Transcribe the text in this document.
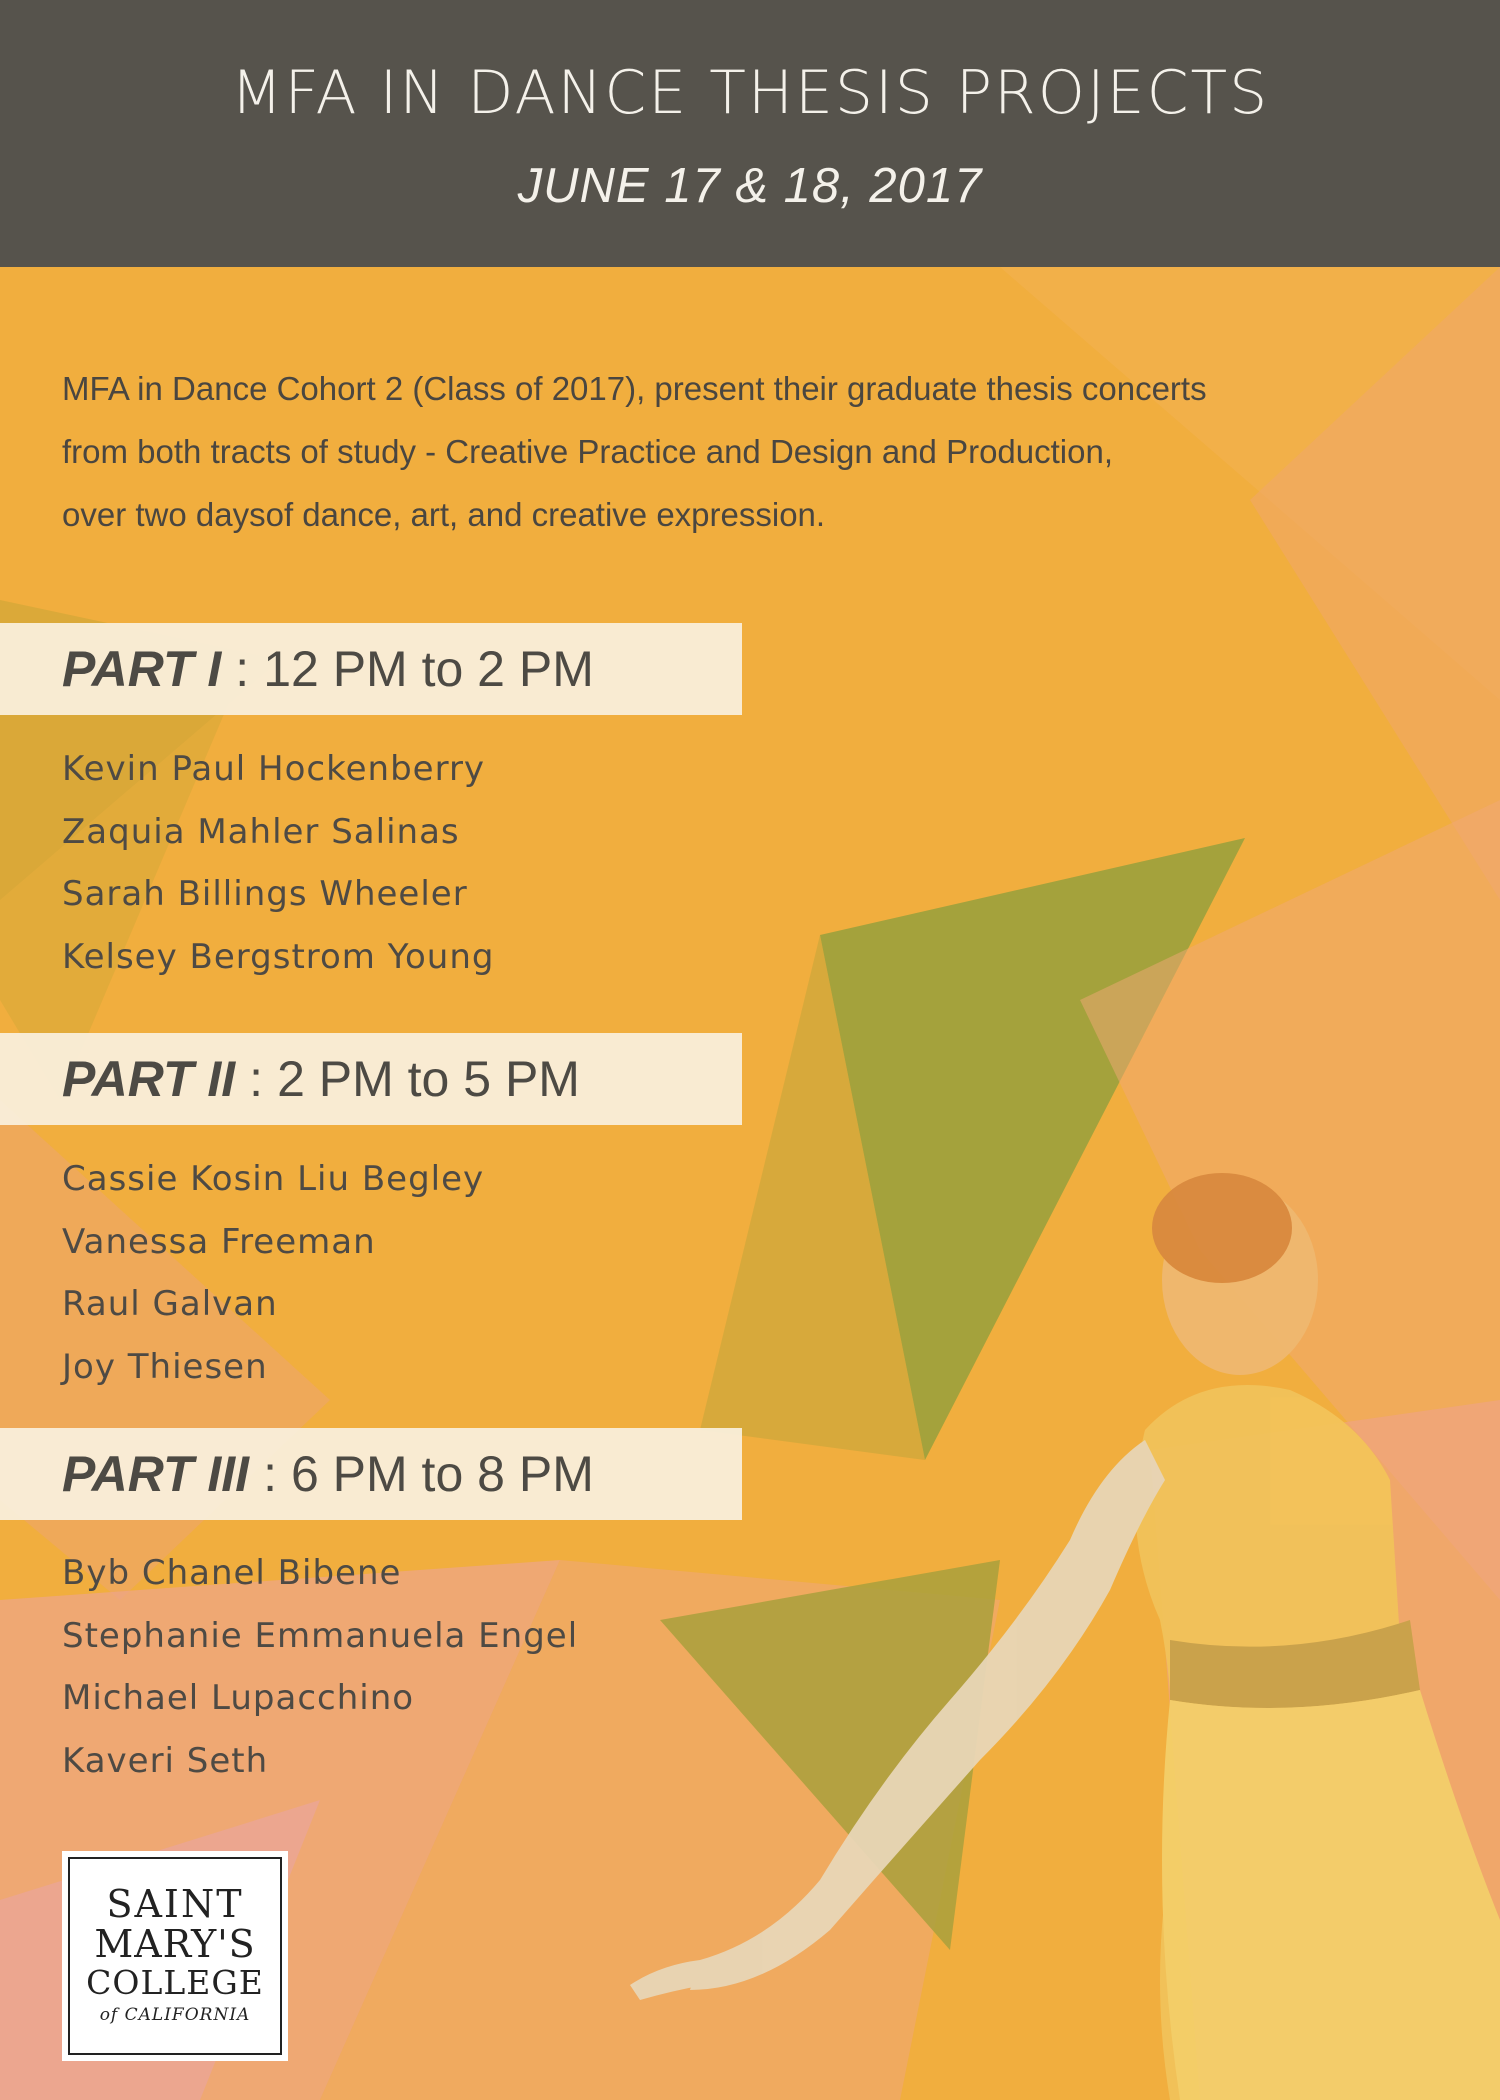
MFA IN DANCE THESIS PROJECTS
JUNE 17 & 18, 2017
MFA in Dance Cohort 2 (Class of 2017), present their graduate thesis concerts
from both tracts of study - Creative Practice and Design and Production,
over two daysof dance, art, and creative expression.
PART I : 12 PM to 2 PM
Kevin Paul Hockenberry
Zaquia Mahler Salinas
Sarah Billings Wheeler
Kelsey Bergstrom Young
PART II : 2 PM to 5 PM
Cassie Kosin Liu Begley
Vanessa Freeman
Raul Galvan
Joy Thiesen
PART III : 6 PM to 8 PM
Byb Chanel Bibene
Stephanie Emmanuela Engel
Michael Lupacchino
Kaveri Seth
SAINT
MARY'S
COLLEGE
of CALIFORNIA
